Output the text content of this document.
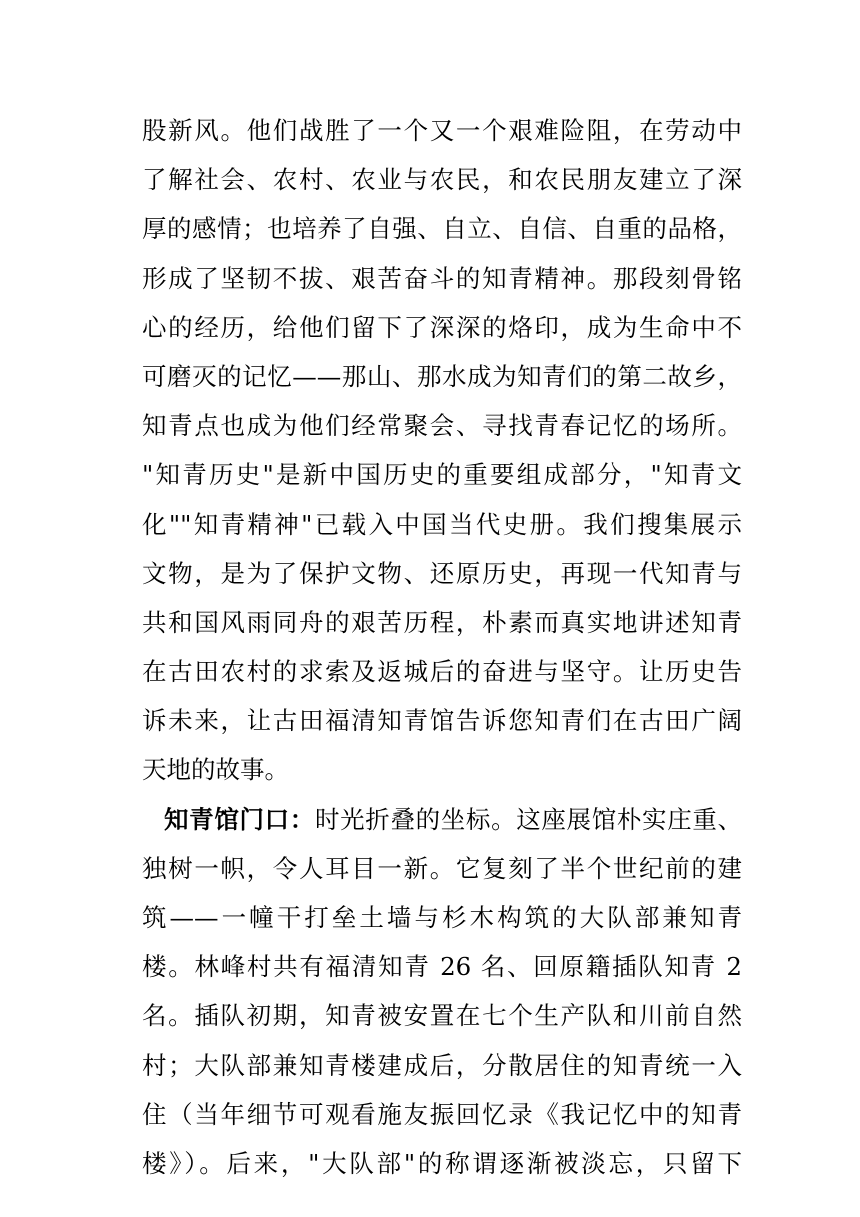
股新风。他们战胜了一个又一个艰难险阻，在劳动中
了解社会、农村、农业与农民，和农民朋友建立了深
厚的感情；也培养了自强、自立、自信、自重的品格，
形成了坚韧不拔、艰苦奋斗的知青精神。那段刻骨铭
心的经历，给他们留下了深深的烙印，成为生命中不
可磨灭的记忆——那山、那水成为知青们的第二故乡，
知青点也成为他们经常聚会、寻找青春记忆的场所。
"知青历史"是新中国历史的重要组成部分，"知青文
化""知青精神"已载入中国当代史册。我们搜集展示
文物，是为了保护文物、还原历史，再现一代知青与
共和国风雨同舟的艰苦历程，朴素而真实地讲述知青
在古田农村的求索及返城后的奋进与坚守。让历史告
诉未来，让古田福清知青馆告诉您知青们在古田广阔
天地的故事。
知青馆门口：时光折叠的坐标。这座展馆朴实庄重、
独树一帜，令人耳目一新。它复刻了半个世纪前的建
筑——一幢干打垒土墙与杉木构筑的大队部兼知青
楼。林峰村共有福清知青 26 名、回原籍插队知青 2
名。插队初期，知青被安置在七个生产队和川前自然
村；大队部兼知青楼建成后，分散居住的知青统一入
住（当年细节可观看施友振回忆录《我记忆中的知青
楼》）。后来，"大队部"的称谓逐渐被淡忘，只留下
